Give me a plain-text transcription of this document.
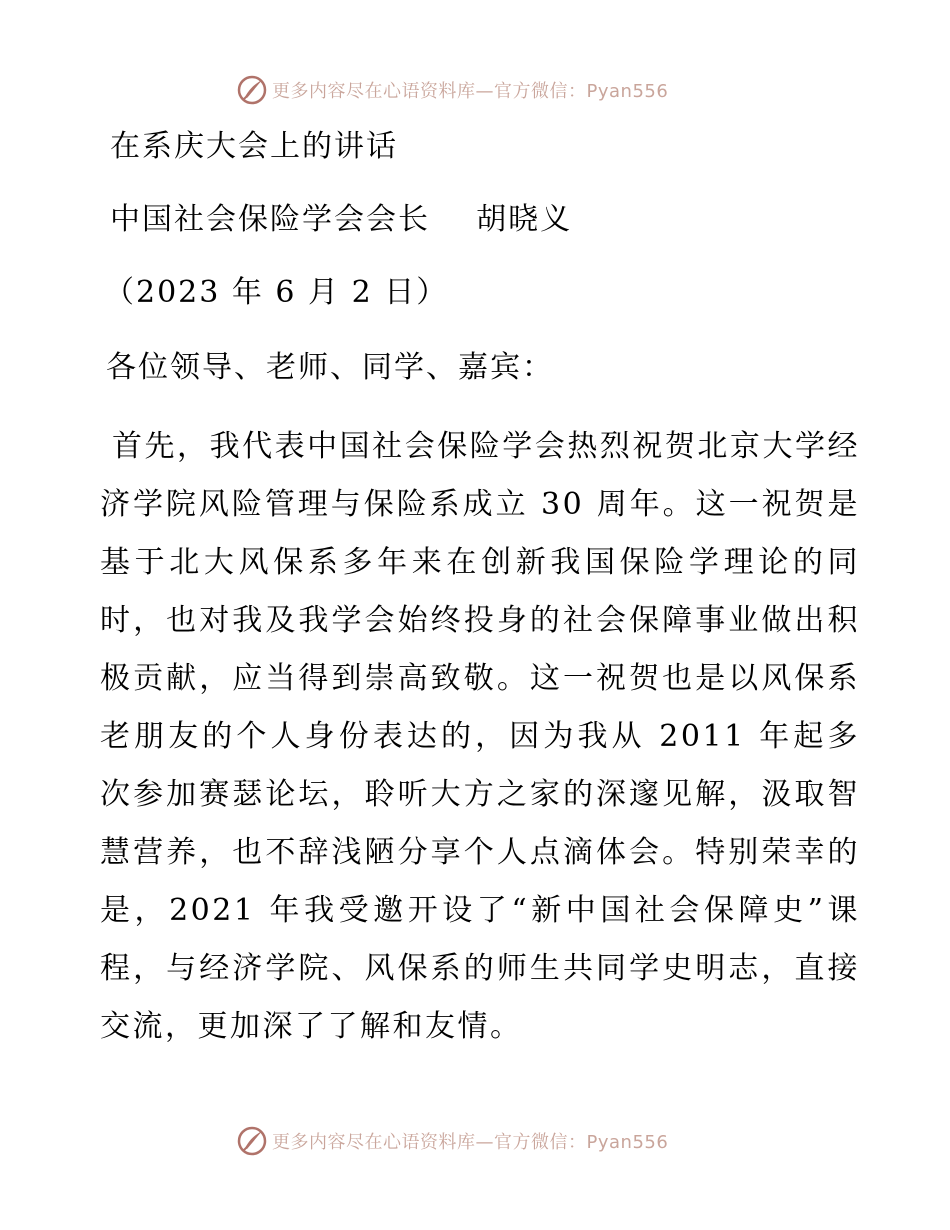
更多内容尽在心语资料库—官方微信：Pyan556
在系庆大会上的讲话
中国社会保险学会会长    胡晓义
（2023 年 6 月 2 日）
各位领导、老师、同学、嘉宾：
首先，我代表中国社会保险学会热烈祝贺北京大学经济学院风险管理与保险系成立 30 周年。这一祝贺是基于北大风保系多年来在创新我国保险学理论的同时，也对我及我学会始终投身的社会保障事业做出积极贡献，应当得到崇高致敬。这一祝贺也是以风保系老朋友的个人身份表达的，因为我从 2011 年起多次参加赛瑟论坛，聆听大方之家的深邃见解，汲取智慧营养，也不辞浅陋分享个人点滴体会。特别荣幸的是，2021 年我受邀开设了“新中国社会保障史”课程，与经济学院、风保系的师生共同学史明志，直接交流，更加深了了解和友情。
更多内容尽在心语资料库—官方微信：Pyan556
